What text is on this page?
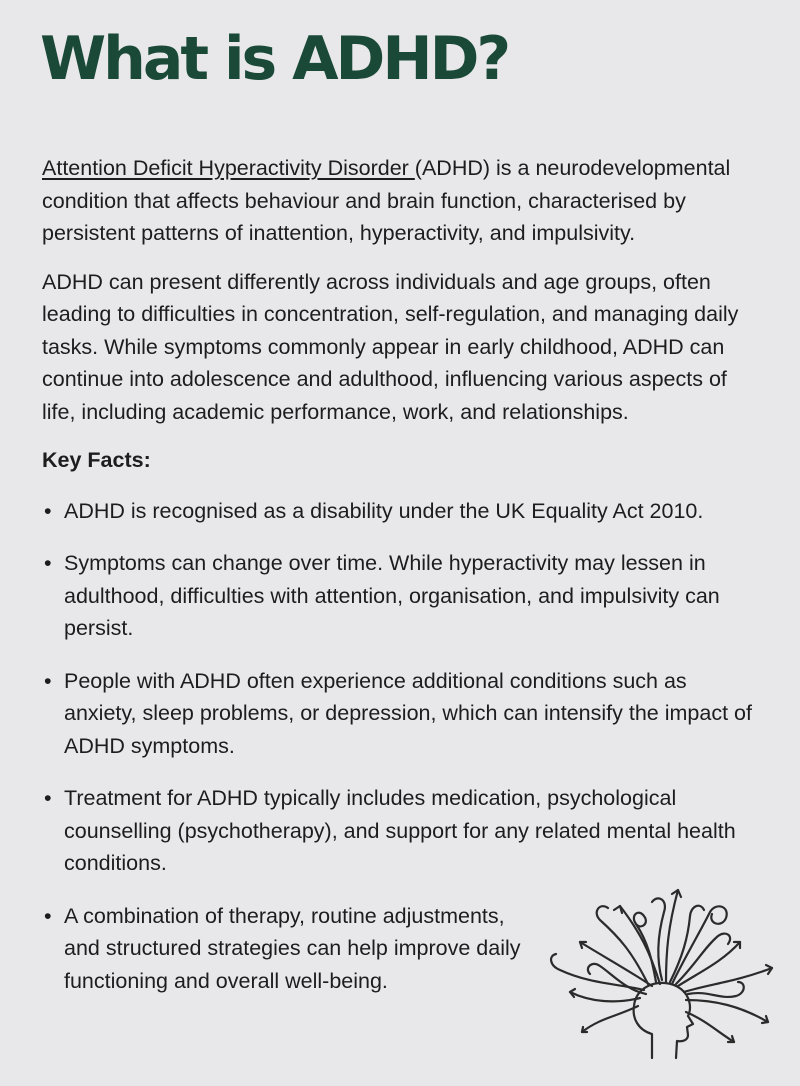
What is ADHD?

Attention Deficit Hyperactivity Disorder (ADHD) is a neurodevelopmental condition that affects behaviour and brain function, characterised by persistent patterns of inattention, hyperactivity, and impulsivity.

ADHD can present differently across individuals and age groups, often leading to difficulties in concentration, self-regulation, and managing daily tasks. While symptoms commonly appear in early childhood, ADHD can continue into adolescence and adulthood, influencing various aspects of life, including academic performance, work, and relationships.

Key Facts:
• ADHD is recognised as a disability under the UK Equality Act 2010.
• Symptoms can change over time. While hyperactivity may lessen in adulthood, difficulties with attention, organisation, and impulsivity can persist.
• People with ADHD often experience additional conditions such as anxiety, sleep problems, or depression, which can intensify the impact of ADHD symptoms.
• Treatment for ADHD typically includes medication, psychological counselling (psychotherapy), and support for any related mental health conditions.
• A combination of therapy, routine adjustments, and structured strategies can help improve daily functioning and overall well-being.
